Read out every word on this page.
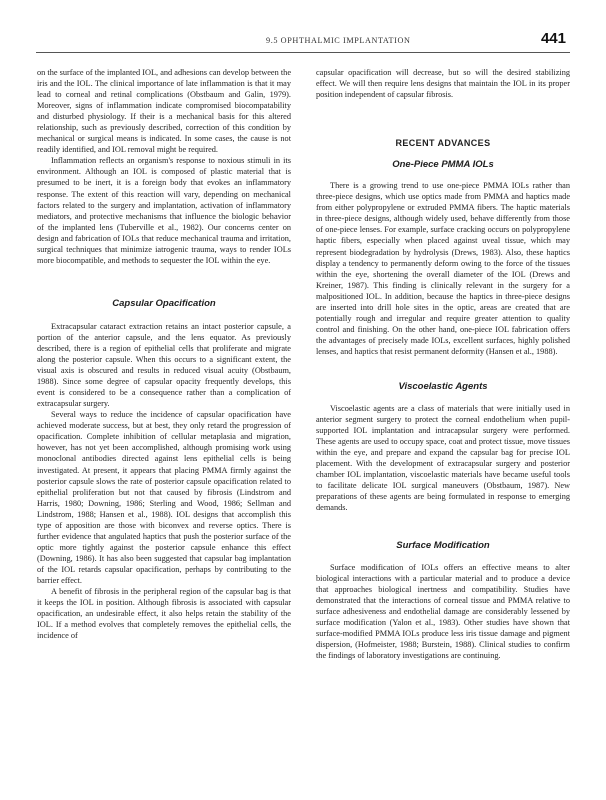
9.5 OPHTHALMIC IMPLANTATION	441

on the surface of the implanted IOL, and adhesions can develop between the iris and the IOL. The clinical importance of late inflammation is that it may lead to corneal and retinal complications (Obstbaum and Galin, 1979). Moreover, signs of inflammation indicate compromised biocompatability and disturbed physiology. If their is a mechanical basis for this altered relationship, such as previously described, correction of this condition by mechanical or surgical means is indicated. In some cases, the cause is not readily identified, and IOL removal might be required.

Inflammation reflects an organism's response to noxious stimuli in its environment. Although an IOL is composed of plastic material that is presumed to be inert, it is a foreign body that evokes an inflammatory response. The extent of this reaction will vary, depending on mechanical factors related to the surgery and implantation, activation of inflammatory mediators, and protective mechanisms that influence the biologic behavior of the implanted lens (Tuberville et al., 1982). Our concerns center on design and fabrication of IOLs that reduce mechanical trauma and irritation, surgical techniques that minimize iatrogenic trauma, ways to render IOLs more biocompatible, and methods to sequester the IOL within the eye.

Capsular Opacification

Extracapsular cataract extraction retains an intact posterior capsule, a portion of the anterior capsule, and the lens equator. As previously described, there is a region of epithelial cells that proliferate and migrate along the posterior capsule. When this occurs to a significant extent, the visual axis is obscured and results in reduced visual acuity (Obstbaum, 1988). Since some degree of capsular opacity frequently develops, this event is considered to be a consequence rather than a complication of extracapsular surgery.

Several ways to reduce the incidence of capsular opacification have achieved moderate success, but at best, they only retard the progression of opacification. Complete inhibition of cellular metaplasia and migration, however, has not yet been accomplished, although promising work using monoclonal antibodies directed against lens epithelial cells is being investigated. At present, it appears that placing PMMA firmly against the posterior capsule slows the rate of posterior capsule opacification related to epithelial proliferation but not that caused by fibrosis (Lindstrom and Harris, 1980; Downing, 1986; Sterling and Wood, 1986; Sellman and Lindstrom, 1988; Hansen et al., 1988). IOL designs that accomplish this type of apposition are those with biconvex and reverse optics. There is further evidence that angulated haptics that push the posterior surface of the optic more tightly against the posterior capsule enhance this effect (Downing, 1986). It has also been suggested that capsular bag implantation of the IOL retards capsular opacification, perhaps by contributing to the barrier effect.

A benefit of fibrosis in the peripheral region of the capsular bag is that it keeps the IOL in position. Although fibrosis is associated with capsular opacification, an undesirable effect, it also helps retain the stability of the IOL. If a method evolves that completely removes the epithelial cells, the incidence of

capsular opacification will decrease, but so will the desired stabilizing effect. We will then require lens designs that maintain the IOL in its proper position independent of capsular fibrosis.

RECENT ADVANCES
One-Piece PMMA IOLs

There is a growing trend to use one-piece PMMA IOLs rather than three-piece designs, which use optics made from PMMA and haptics made from either polypropylene or extruded PMMA fibers. The haptic materials in three-piece designs, although widely used, behave differently from those of one-piece lenses. For example, surface cracking occurs on polypropylene haptic fibers, especially when placed against uveal tissue, which may represent biodegradation by hydrolysis (Drews, 1983). Also, these haptics display a tendency to permanently deform owing to the force of the tissues within the eye, shortening the overall diameter of the IOL (Drews and Kreiner, 1987). This finding is clinically relevant in the surgery for a malpositioned IOL. In addition, because the haptics in three-piece designs are inserted into drill hole sites in the optic, areas are created that are potentially rough and irregular and require greater attention to quality control and finishing. On the other hand, one-piece IOL fabrication offers the advantages of precisely made IOLs, excellent surfaces, highly polished lenses, and haptics that resist permanent deformity (Hansen et al., 1988).

Viscoelastic Agents

Viscoelastic agents are a class of materials that were initially used in anterior segment surgery to protect the corneal endothelium when pupil-supported IOL implantation and intracapsular surgery were performed. These agents are used to occupy space, coat and protect tissue, move tissues within the eye, and prepare and expand the capsular bag for precise IOL placement. With the development of extracapsular surgery and posterior chamber IOL implantation, viscoelastic materials have became useful tools to facilitate delicate IOL surgical maneuvers (Obstbaum, 1987). New preparations of these agents are being formulated in response to emerging demands.

Surface Modification

Surface modification of IOLs offers an effective means to alter biological interactions with a particular material and to produce a device that approaches biological inertness and compatibility. Studies have demonstrated that the interactions of corneal tissue and PMMA relative to surface adhesiveness and endothelial damage are considerably lessened by surface modification (Yalon et al., 1983). Other studies have shown that surface-modified PMMA IOLs produce less iris tissue damage and pigment dispersion, (Hofmeister, 1988; Burstein, 1988). Clinical studies to confirm the findings of laboratory investigations are continuing.
